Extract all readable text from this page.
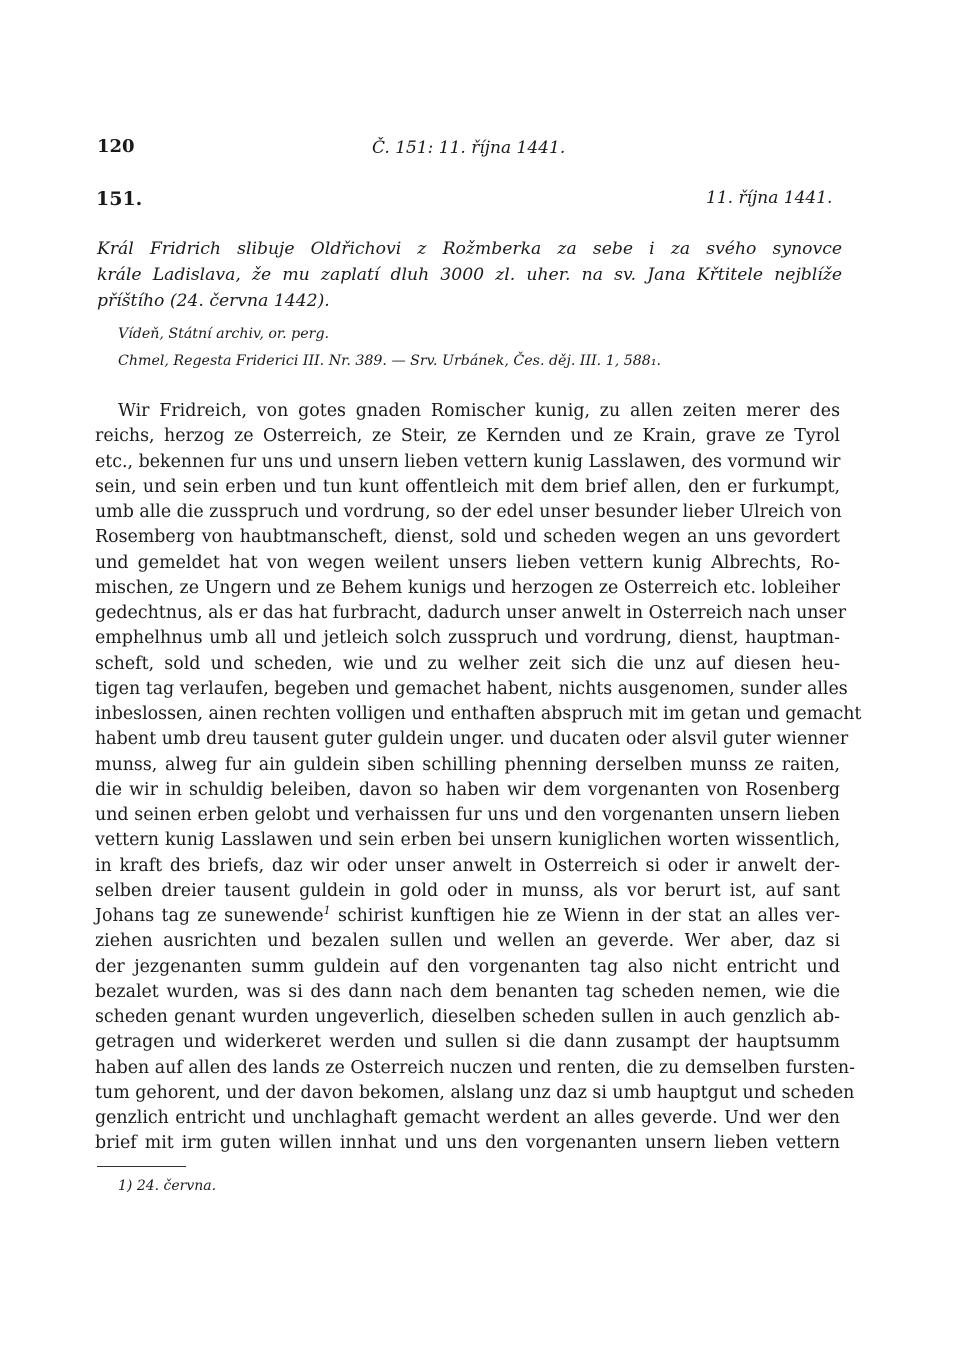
120	Č. 151: 11. října 1441.
151.	11. října 1441.

Král Fridrich slibuje Oldřichovi z Rožmberka za sebe i za svého synovce
krále Ladislava, že mu zaplatí dluh 3000 zl. uher. na sv. Jana Křtitele nejblíže
příštího (24. června 1442).

Vídeň, Státní archiv, or. perg.

Chmel, Regesta Friderici III. Nr. 389. — Srv. Urbánek, Čes. děj. III. 1, 588₁.

Wir Fridreich, von gotes gnaden Romischer kunig, zu allen zeiten merer des
reichs, herzog ze Osterreich, ze Steir, ze Kernden und ze Krain, grave ze Tyrol
etc., bekennen fur uns und unsern lieben vettern kunig Lasslawen, des vormund wir
sein, und sein erben und tun kunt offentleich mit dem brief allen, den er furkumpt,
umb alle die zusspruch und vordrung, so der edel unser besunder lieber Ulreich von
Rosemberg von haubtmanscheft, dienst, sold und scheden wegen an uns gevordert
und gemeldet hat von wegen weilent unsers lieben vettern kunig Albrechts, Ro-
mischen, ze Ungern und ze Behem kunigs und herzogen ze Osterreich etc. lobleiher
gedechtnus, als er das hat furbracht, dadurch unser anwelt in Osterreich nach unser
emphelhnus umb all und jetleich solch zusspruch und vordrung, dienst, hauptman-
scheft, sold und scheden, wie und zu welher zeit sich die unz auf diesen heu-
tigen tag verlaufen, begeben und gemachet habent, nichts ausgenomen, sunder alles
inbeslossen, ainen rechten volligen und enthaften abspruch mit im getan und gemacht
habent umb dreu tausent guter guldein unger. und ducaten oder alsvil guter wienner
munss, alweg fur ain guldein siben schilling phenning derselben munss ze raiten,
die wir in schuldig beleiben, davon so haben wir dem vorgenanten von Rosenberg
und seinen erben gelobt und verhaissen fur uns und den vorgenanten unsern lieben
vettern kunig Lasslawen und sein erben bei unsern kuniglichen worten wissentlich,
in kraft des briefs, daz wir oder unser anwelt in Osterreich si oder ir anwelt der-
selben dreier tausent guldein in gold oder in munss, als vor berurt ist, auf sant
Johans tag ze sunewende$^1$ schirist kunftigen hie ze Wienn in der stat an alles ver-
ziehen ausrichten und bezalen sullen und wellen an geverde. Wer aber, daz si
der jezgenanten summ guldein auf den vorgenanten tag also nicht entricht und
bezalet wurden, was si des dann nach dem benanten tag scheden nemen, wie die
scheden genant wurden ungeverlich, dieselben scheden sullen in auch genzlich ab-
getragen und widerkeret werden und sullen si die dann zusampt der hauptsumm
haben auf allen des lands ze Osterreich nuczen und renten, die zu demselben fursten-
tum gehorent, und der davon bekomen, alslang unz daz si umb hauptgut und scheden
genzlich entricht und unchlaghaft gemacht werdent an alles geverde. Und wer den
brief mit irm guten willen innhat und uns den vorgenanten unsern lieben vettern

1) 24. června.
